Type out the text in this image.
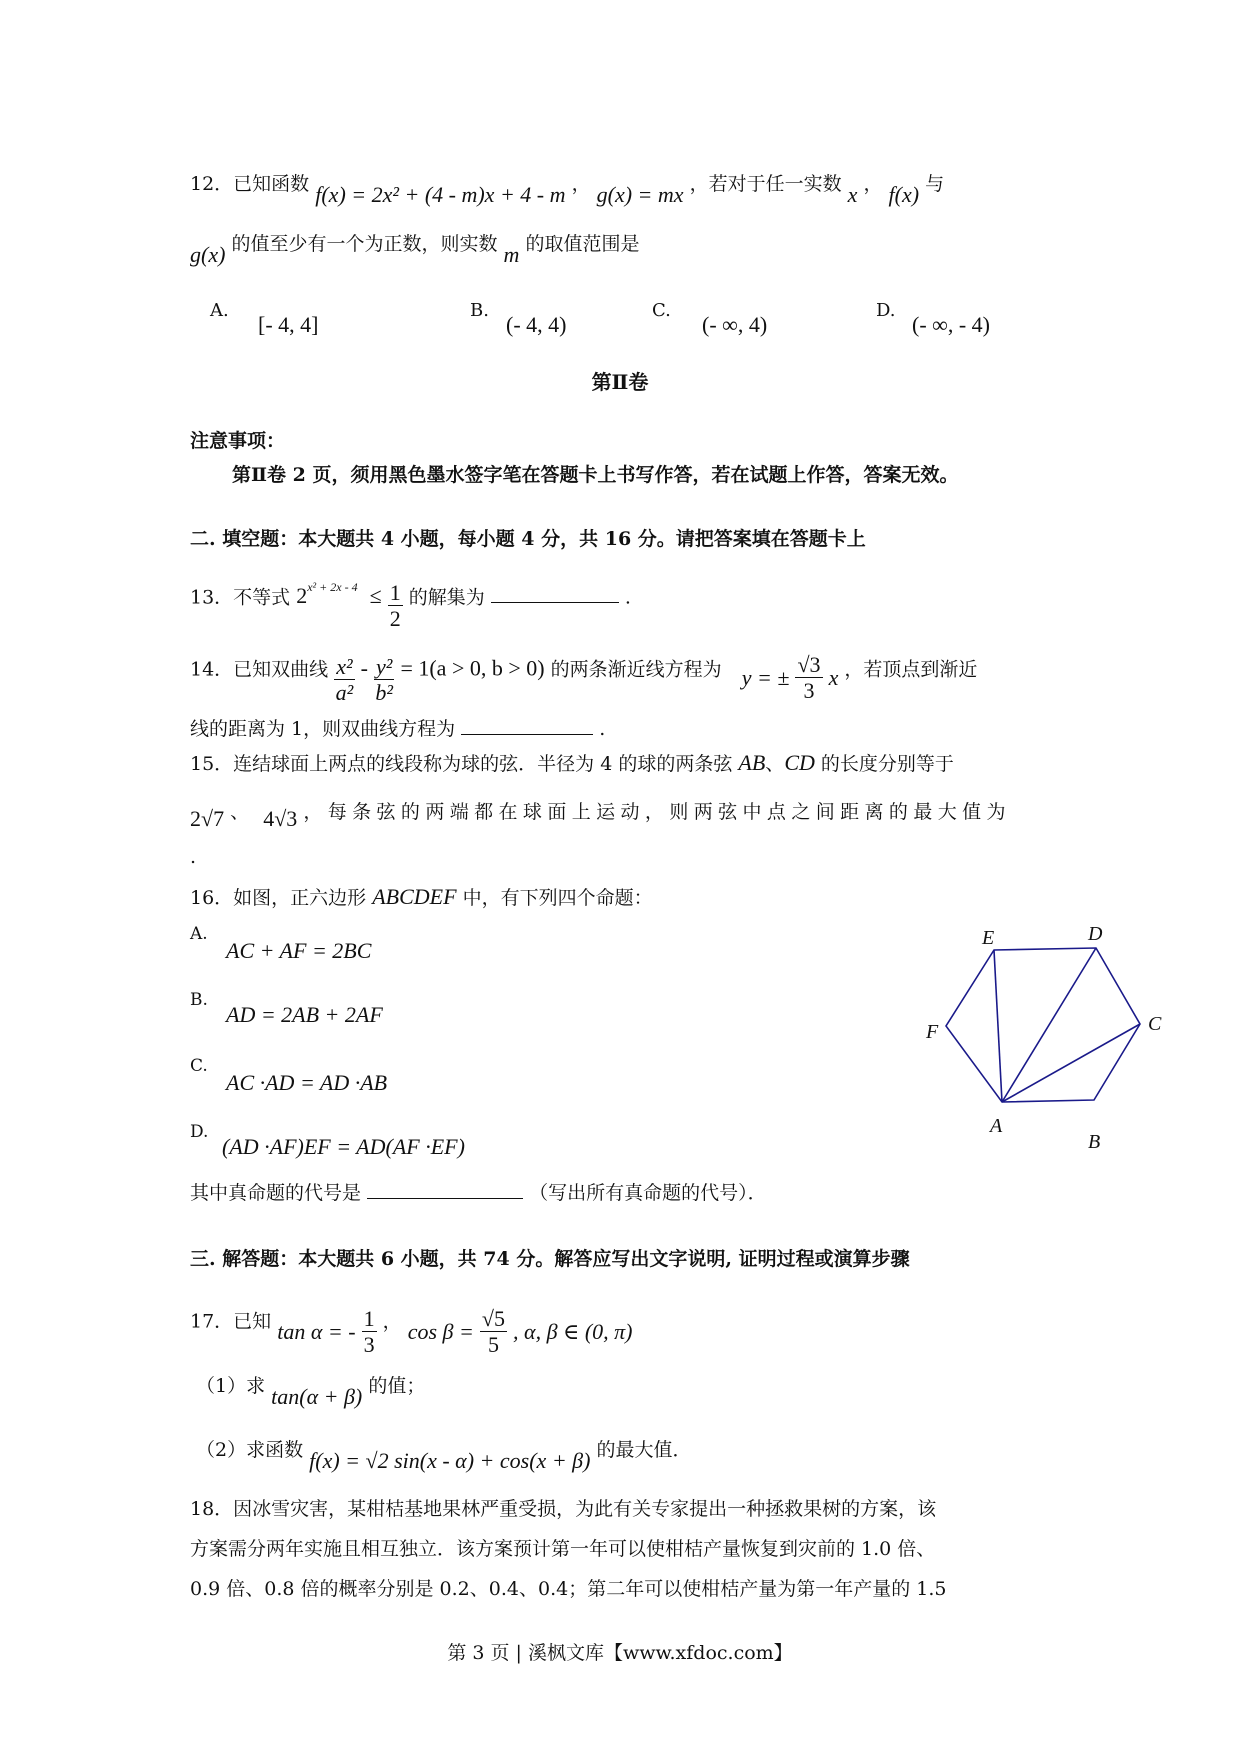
12．已知函数 f(x) = 2x² + (4 - m)x + 4 - m ， g(x) = mx ，若对于任一实数 x ， f(x) 与
g(x) 的值至少有一个为正数，则实数 m 的取值范围是
A.
[- 4, 4]
B.
(- 4, 4)
C.
(- ∞, 4)
D.
(- ∞, - 4)
第Ⅱ卷
注意事项：
第Ⅱ卷 2 页，须用黑色墨水签字笔在答题卡上书写作答，若在试题上作答，答案无效。
二. 填空题：本大题共 4 小题，每小题 4 分，共 16 分。请把答案填在答题卡上
13．不等式 $2^{x^2 + 2x - 4} \le \frac{1}{2}$ 的解集为	.
14．已知双曲线 $\frac{\text{x²}}{\text{a²}} - \frac{\text{y²}}{\text{b²}} = 1(a > 0$, b > 0) 的两条渐近线方程为 y = ± $\frac{√3}{3}$ x ，若顶点到渐近
线的距离为 1，则双曲线方程为	.
15．连结球面上两点的线段称为球的弦．半径为 4 的球的两条弦 AB、CD 的长度分别等于
2√7 、 4√3 ，每条弦的两端都在球面上运动，则两弦中点之间距离的最大值为
.
16．如图，正六边形 ABCDEF 中，有下列四个命题：
A.
AC + AF = 2BC
B.
AD = 2AB + 2AF
C.
AC ·AD = AD ·AB
D.
(AD ·AF)EF = AD(AF ·EF)
其中真命题的代号是	（写出所有真命题的代号）．
A
B
C
D
E
F
三. 解答题：本大题共 6 小题，共 74 分。解答应写出文字说明, 证明过程或演算步骤
17．已知 tan α = - $\frac{1}{3}$ ， $\cos \beta = \frac{√5}{5}$ , α, β ∈ (0, π)
（1）求 tan(α + β) 的值；
（2）求函数 f(x) = √2 sin(x - α) + cos(x + β) 的最大值．
18．因冰雪灾害，某柑桔基地果林严重受损，为此有关专家提出一种拯救果树的方案，该
方案需分两年实施且相互独立．该方案预计第一年可以使柑桔产量恢复到灾前的 1.0 倍、
0.9 倍、0.8 倍的概率分别是 0.2、0.4、0.4；第二年可以使柑桔产量为第一年产量的 1.5
第 3 页 | 溪枫文库【www.xfdoc.com】
